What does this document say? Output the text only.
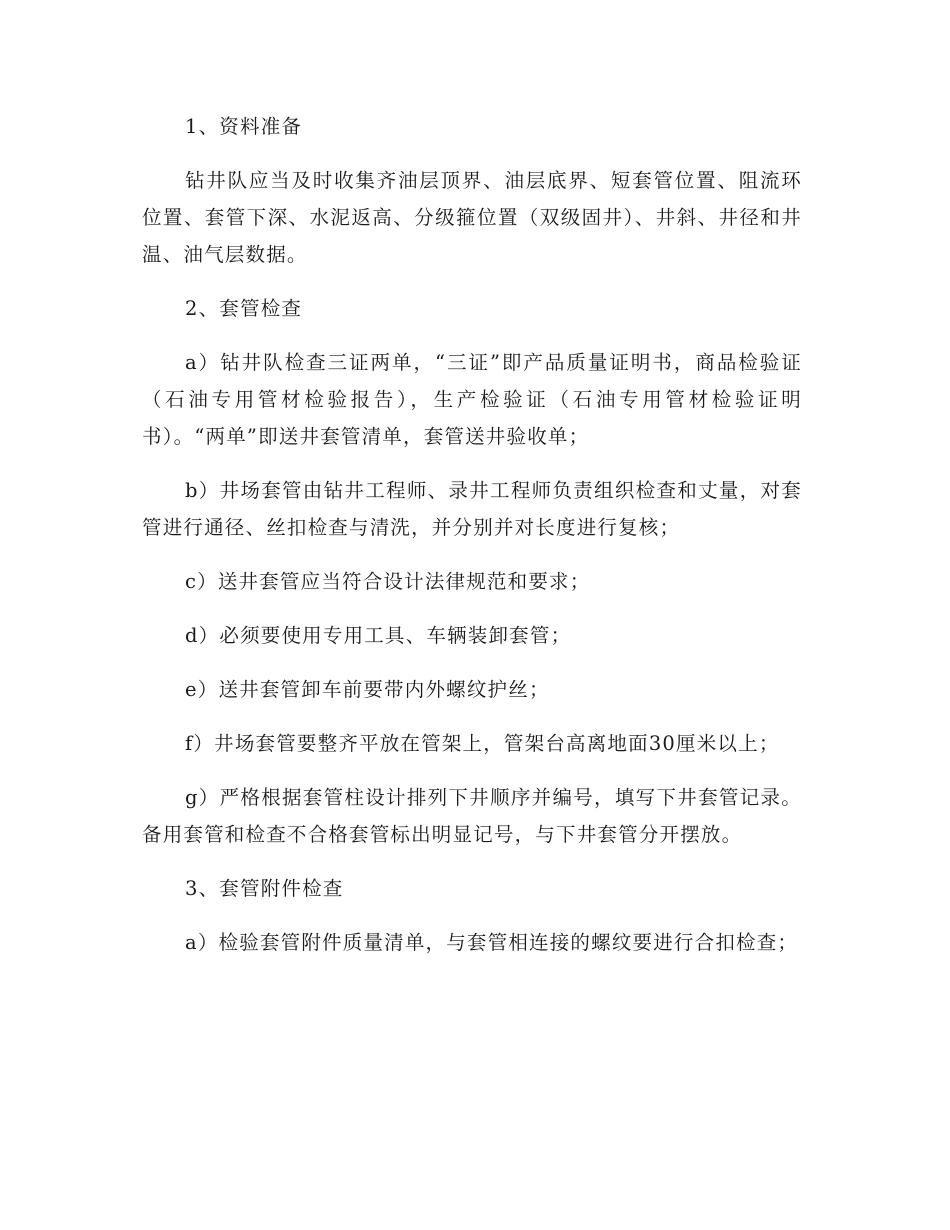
1、资料准备

钻井队应当及时收集齐油层顶界、油层底界、短套管位置、阻流环位置、套管下深、水泥返高、分级箍位置（双级固井）、井斜、井径和井温、油气层数据。

2、套管检查

a）钻井队检查三证两单，“三证”即产品质量证明书，商品检验证（石油专用管材检验报告），生产检验证（石油专用管材检验证明书）。“两单”即送井套管清单，套管送井验收单；

b）井场套管由钻井工程师、录井工程师负责组织检查和丈量，对套管进行通径、丝扣检查与清洗，并分别并对长度进行复核；

c）送井套管应当符合设计法律规范和要求；

d）必须要使用专用工具、车辆装卸套管；

e）送井套管卸车前要带内外螺纹护丝；

f）井场套管要整齐平放在管架上，管架台高离地面30厘米以上；

g）严格根据套管柱设计排列下井顺序并编号，填写下井套管记录。备用套管和检查不合格套管标出明显记号，与下井套管分开摆放。

3、套管附件检查

a）检验套管附件质量清单，与套管相连接的螺纹要进行合扣检查；
